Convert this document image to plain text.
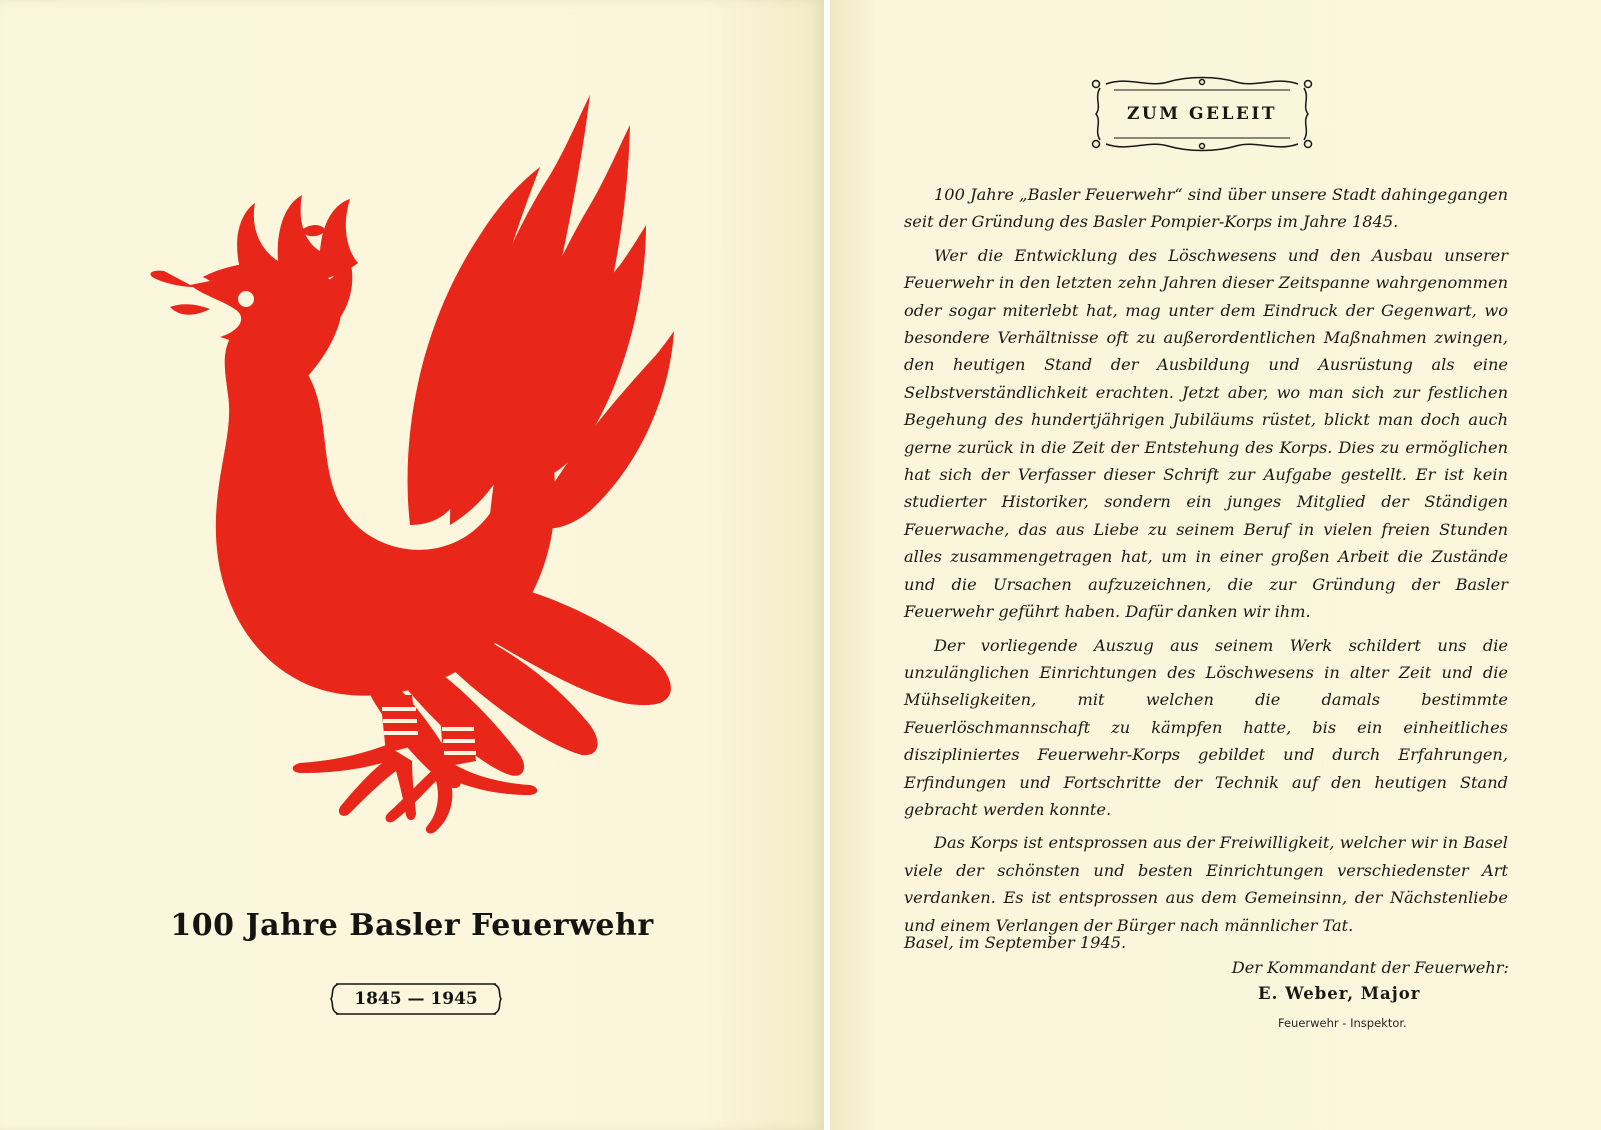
100 Jahre Basler Feuerwehr
1845 — 1945
ZUM GELEIT

100 Jahre „Basler Feuerwehr“ sind über unsere Stadt dahingegangen seit der Gründung des Basler Pompier-Korps im Jahre 1845.

Wer die Entwicklung des Löschwesens und den Ausbau unserer Feuerwehr in den letzten zehn Jahren dieser Zeitspanne wahrgenommen oder sogar miterlebt hat, mag unter dem Eindruck der Gegenwart, wo besondere Verhältnisse oft zu außerordentlichen Maßnahmen zwingen, den heutigen Stand der Ausbildung und Ausrüstung als eine Selbstverständlichkeit erachten. Jetzt aber, wo man sich zur festlichen Begehung des hundertjährigen Jubiläums rüstet, blickt man doch auch gerne zurück in die Zeit der Entstehung des Korps. Dies zu ermöglichen hat sich der Verfasser dieser Schrift zur Aufgabe gestellt. Er ist kein studierter Historiker, sondern ein junges Mitglied der Ständigen Feuerwache, das aus Liebe zu seinem Beruf in vielen freien Stunden alles zusammengetragen hat, um in einer großen Arbeit die Zustände und die Ursachen aufzuzeichnen, die zur Gründung der Basler Feuerwehr geführt haben. Dafür danken wir ihm.

Der vorliegende Auszug aus seinem Werk schildert uns die unzulänglichen Einrichtungen des Löschwesens in alter Zeit und die Mühseligkeiten, mit welchen die damals bestimmte Feuerlöschmannschaft zu kämpfen hatte, bis ein einheitliches diszipliniertes Feuerwehr-Korps gebildet und durch Erfahrungen, Erfindungen und Fortschritte der Technik auf den heutigen Stand gebracht werden konnte.

Das Korps ist entsprossen aus der Freiwilligkeit, welcher wir in Basel viele der schönsten und besten Einrichtungen verschiedenster Art verdanken. Es ist entsprossen aus dem Gemeinsinn, der Nächstenliebe und einem Verlangen der Bürger nach männlicher Tat.

Basel, im September 1945.
Der Kommandant der Feuerwehr:
E. Weber, Major
Feuerwehr - Inspektor.
